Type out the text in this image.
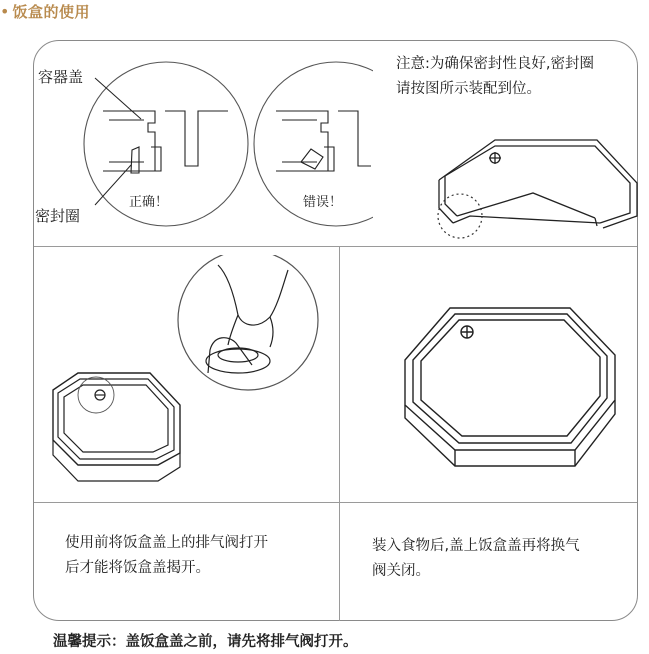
• 饭盒的使用
容器盖
密封圈
正确！	错误！
注意:为确保密封性良好,密封圈
请按图所示装配到位。
使用前将饭盒盖上的排气阀打开
后才能将饭盒盖揭开。
装入食物后,盖上饭盒盖再将换气
阀关闭。
温馨提示：盖饭盒盖之前，请先将排气阀打开。
